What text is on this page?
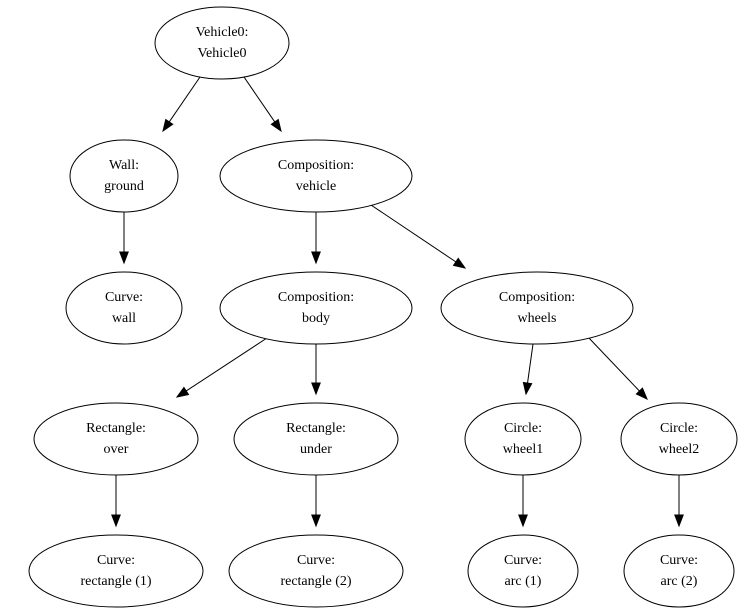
Vehicle0:
Vehicle0
Wall:
ground
Composition:
vehicle
Curve:
wall
Composition:
body
Composition:
wheels
Rectangle:
over
Rectangle:
under
Circle:
wheel1
Circle:
wheel2
Curve:
rectangle (1)
Curve:
rectangle (2)
Curve:
arc (1)
Curve:
arc (2)
